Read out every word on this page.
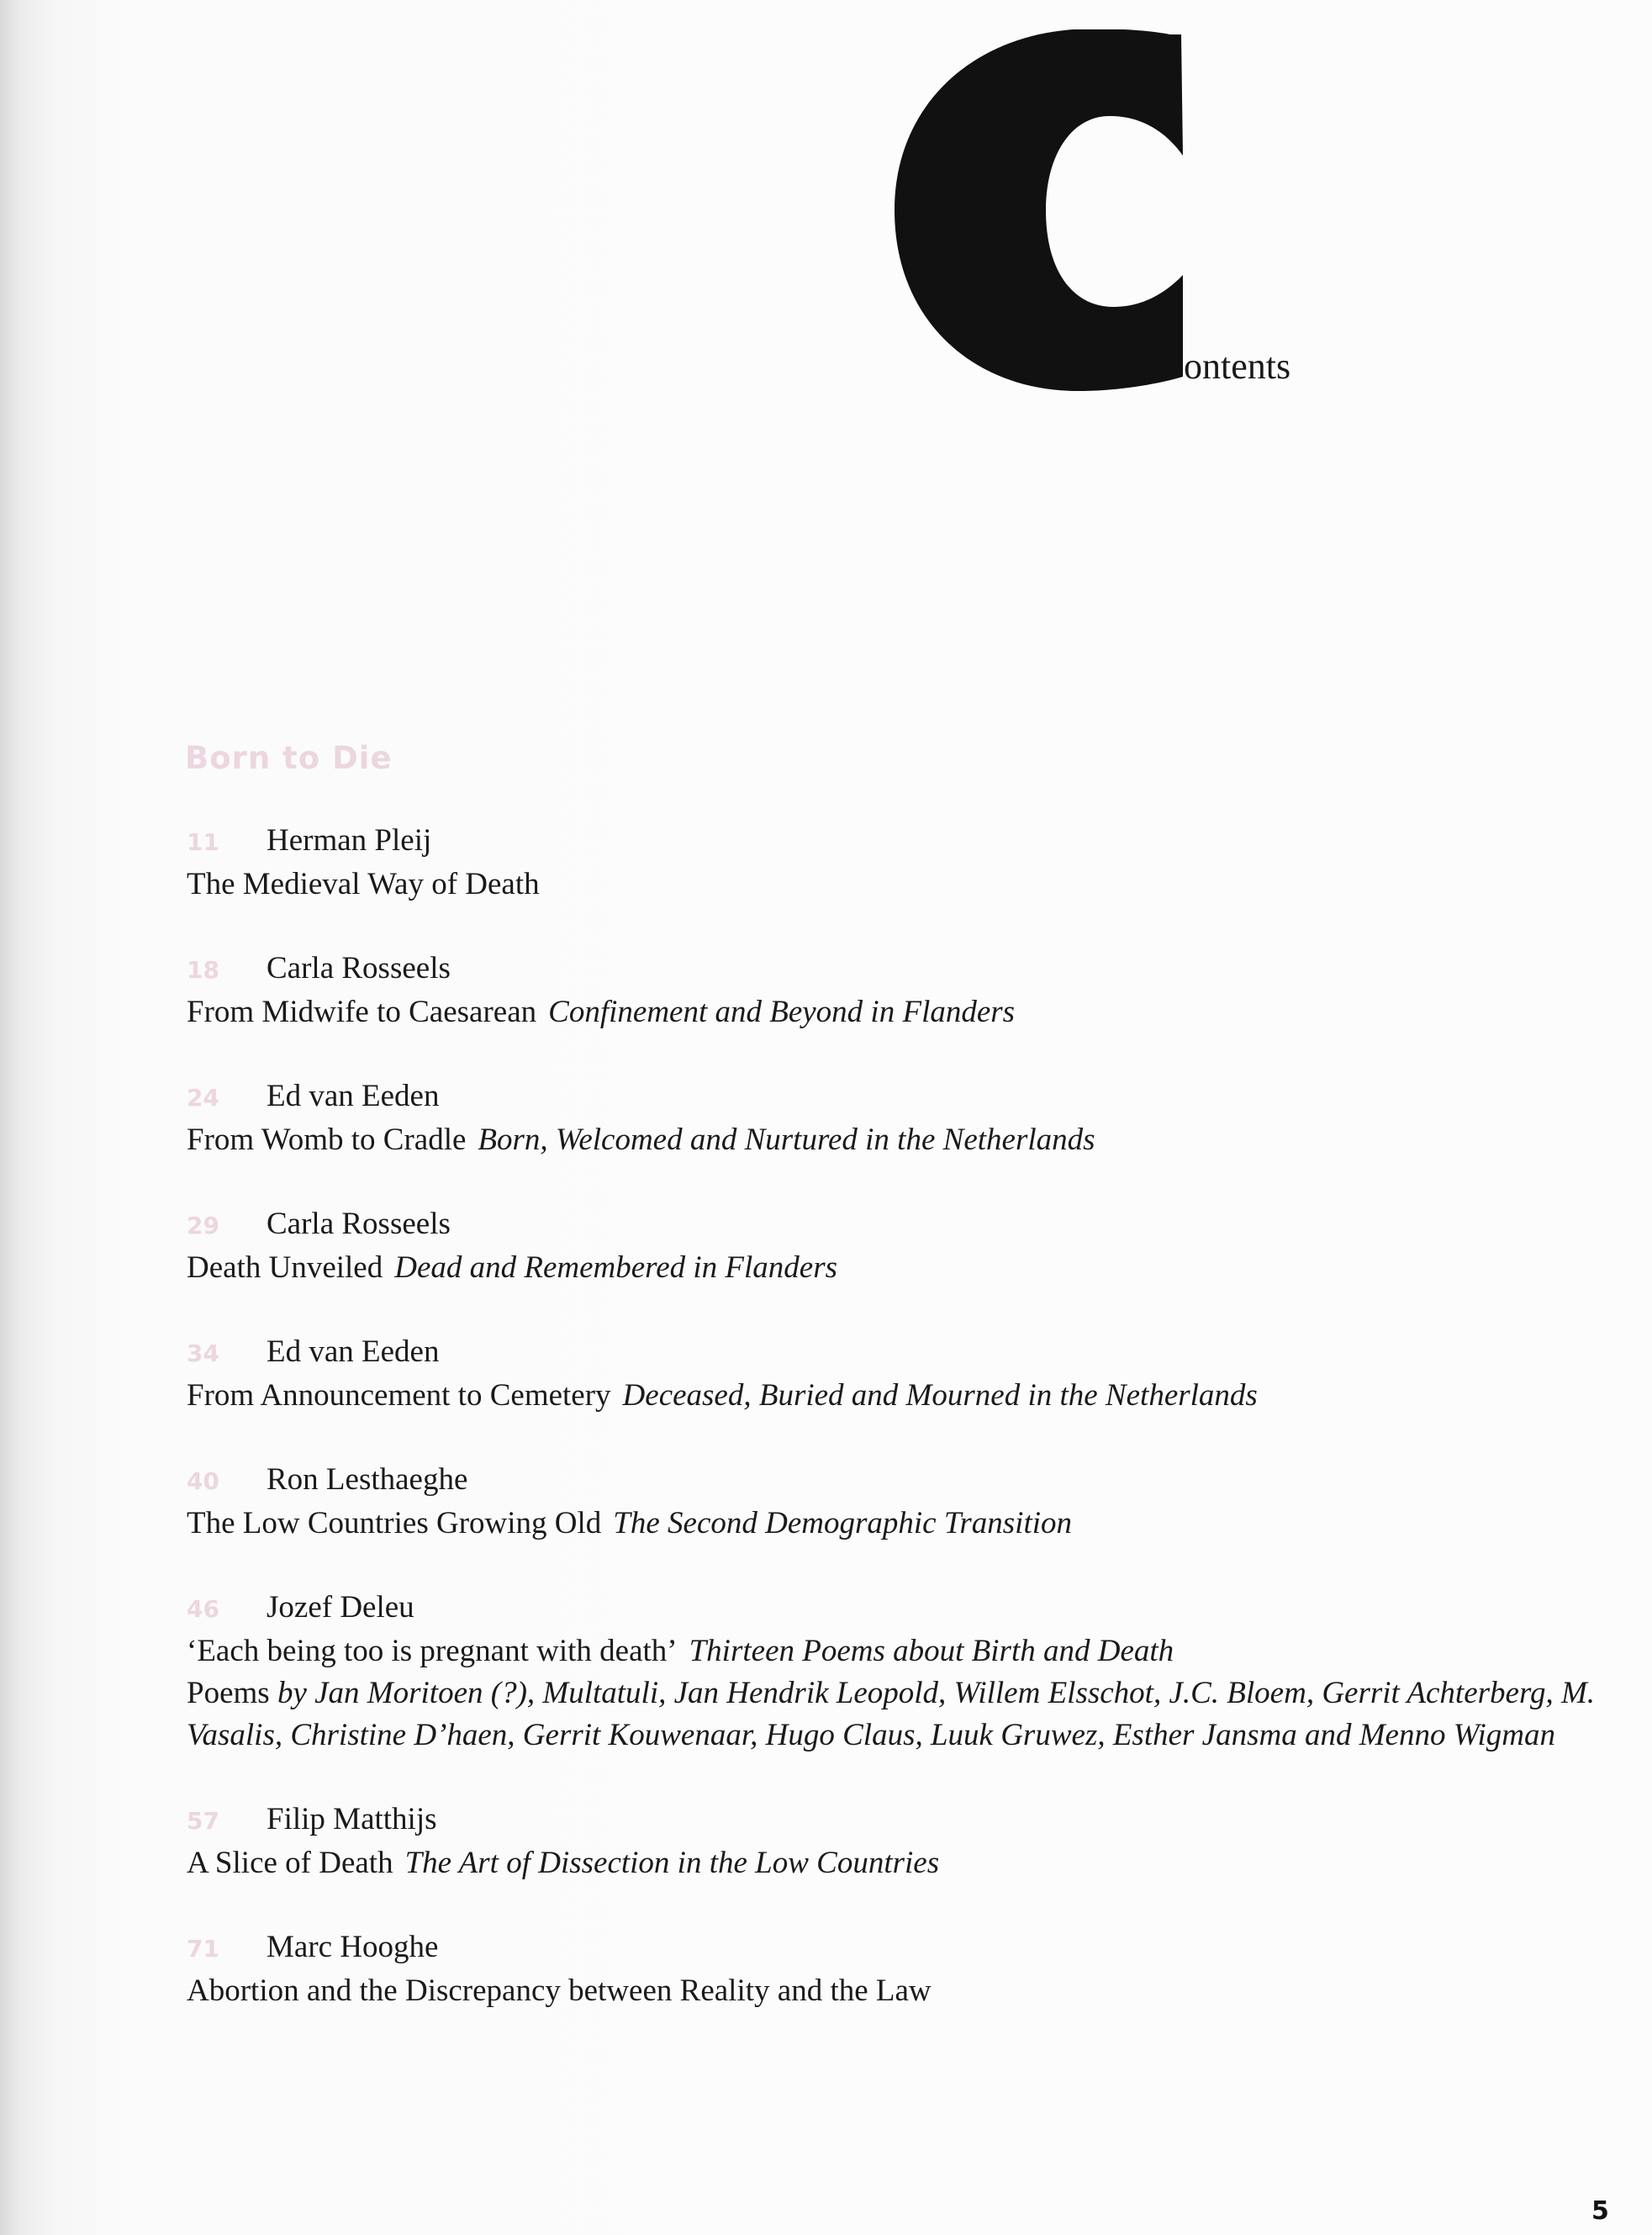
ontents
Born to Die
11 Herman Pleij
The Medieval Way of Death
18 Carla Rosseels
From Midwife to Caesarean Confinement and Beyond in Flanders
24 Ed van Eeden
From Womb to Cradle Born, Welcomed and Nurtured in the Netherlands
29 Carla Rosseels
Death Unveiled Dead and Remembered in Flanders
34 Ed van Eeden
From Announcement to Cemetery Deceased, Buried and Mourned in the Netherlands
40 Ron Lesthaeghe
The Low Countries Growing Old The Second Demographic Transition
46 Jozef Deleu
‘Each being too is pregnant with death’ Thirteen Poems about Birth and Death
Poems by Jan Moritoen (?), Multatuli, Jan Hendrik Leopold, Willem Elsschot, J.C. Bloem, Gerrit Achterberg, M. Vasalis, Christine D’haen, Gerrit Kouwenaar, Hugo Claus, Luuk Gruwez, Esther Jansma and Menno Wigman
57 Filip Matthijs
A Slice of Death The Art of Dissection in the Low Countries
71 Marc Hooghe
Abortion and the Discrepancy between Reality and the Law
5
